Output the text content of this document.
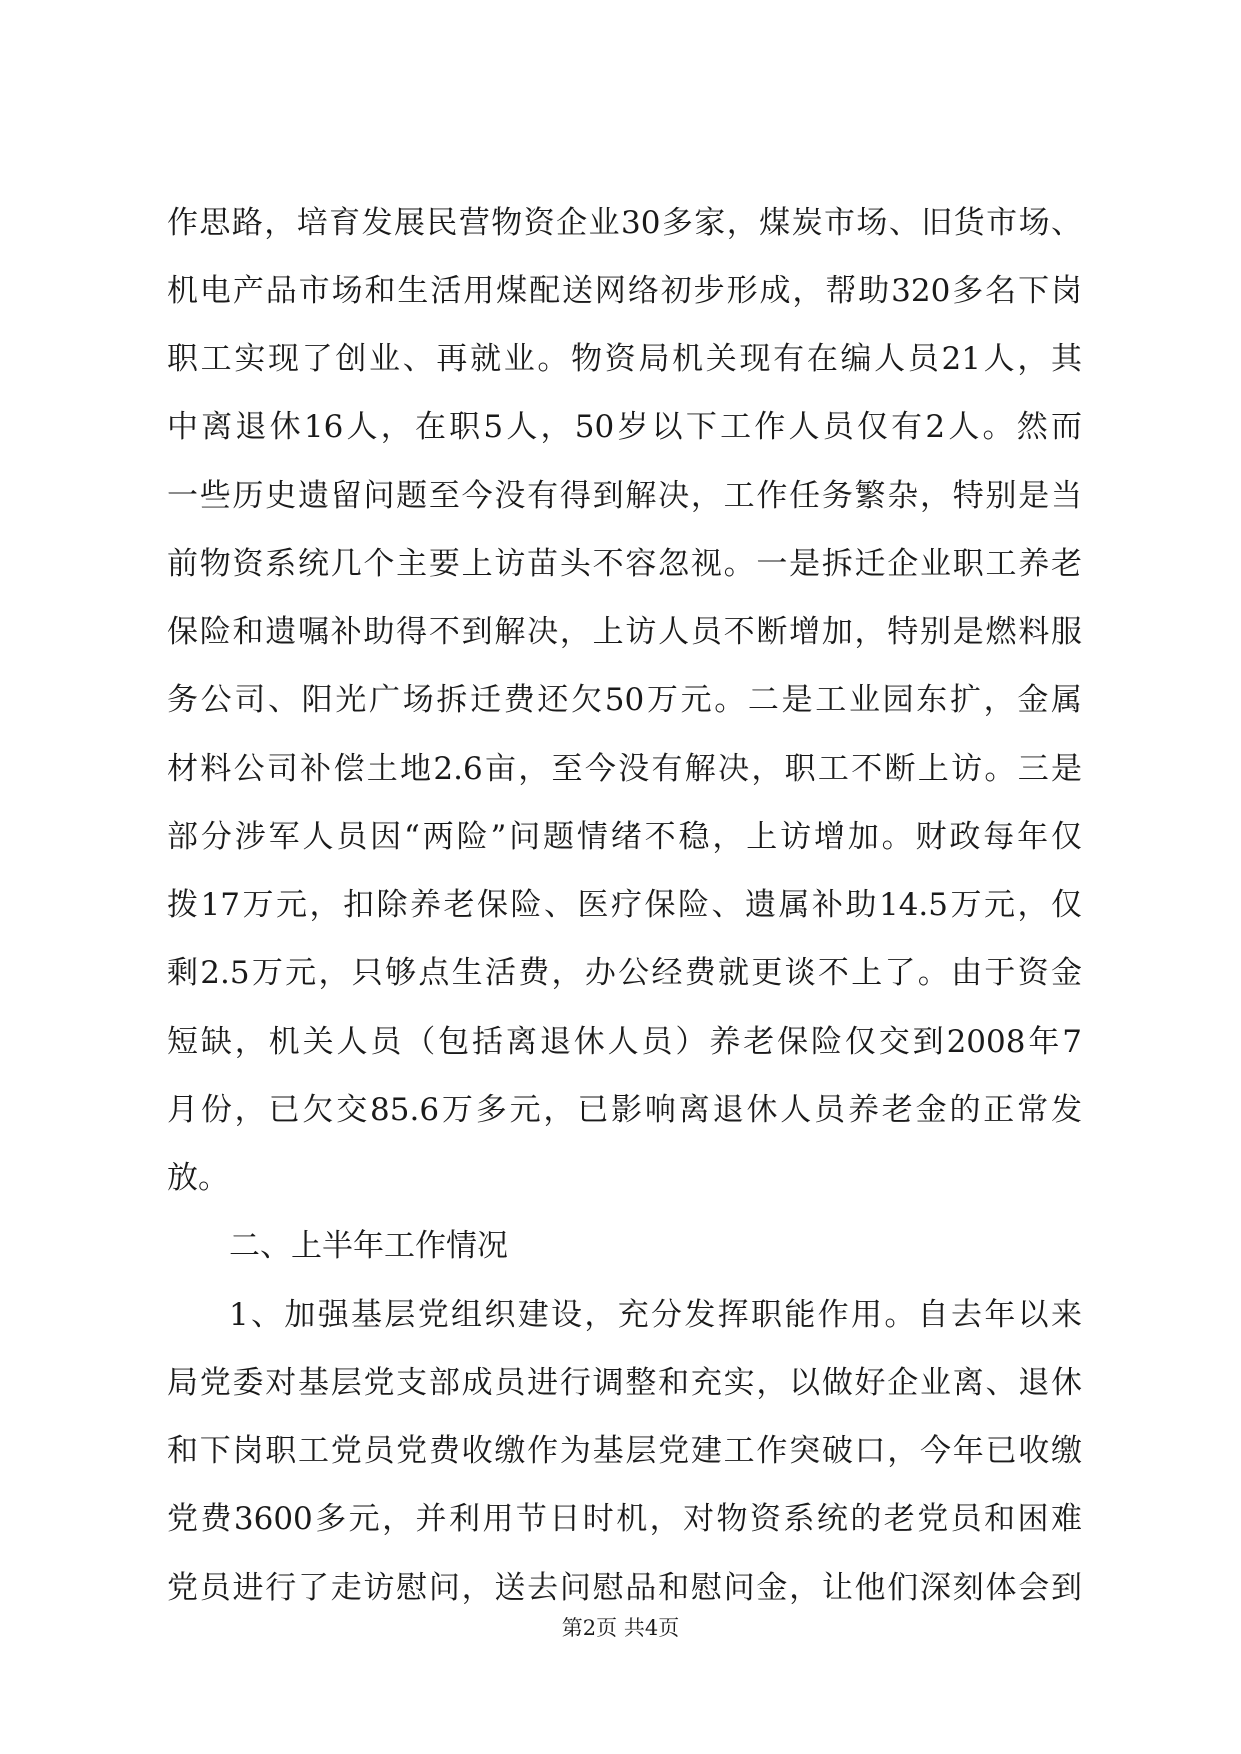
作思路，培育发展民营物资企业30多家，煤炭市场、旧货市场、
机电产品市场和生活用煤配送网络初步形成，帮助320多名下岗
职工实现了创业、再就业。物资局机关现有在编人员21人，其
中离退休16人，在职5人，50岁以下工作人员仅有2人。然而
一些历史遗留问题至今没有得到解决，工作任务繁杂，特别是当
前物资系统几个主要上访苗头不容忽视。一是拆迁企业职工养老
保险和遗嘱补助得不到解决，上访人员不断增加，特别是燃料服
务公司、阳光广场拆迁费还欠50万元。二是工业园东扩，金属
材料公司补偿土地2.6亩，至今没有解决，职工不断上访。三是
部分涉军人员因“两险”问题情绪不稳，上访增加。财政每年仅
拨17万元，扣除养老保险、医疗保险、遗属补助14.5万元，仅
剩2.5万元，只够点生活费，办公经费就更谈不上了。由于资金
短缺，机关人员（包括离退休人员）养老保险仅交到2008年7
月份，已欠交85.6万多元，已影响离退休人员养老金的正常发
放。
二、上半年工作情况
1、加强基层党组织建设，充分发挥职能作用。自去年以来
局党委对基层党支部成员进行调整和充实，以做好企业离、退休
和下岗职工党员党费收缴作为基层党建工作突破口，今年已收缴
党费3600多元，并利用节日时机，对物资系统的老党员和困难
党员进行了走访慰问，送去问慰品和慰问金，让他们深刻体会到
第2页 共4页
